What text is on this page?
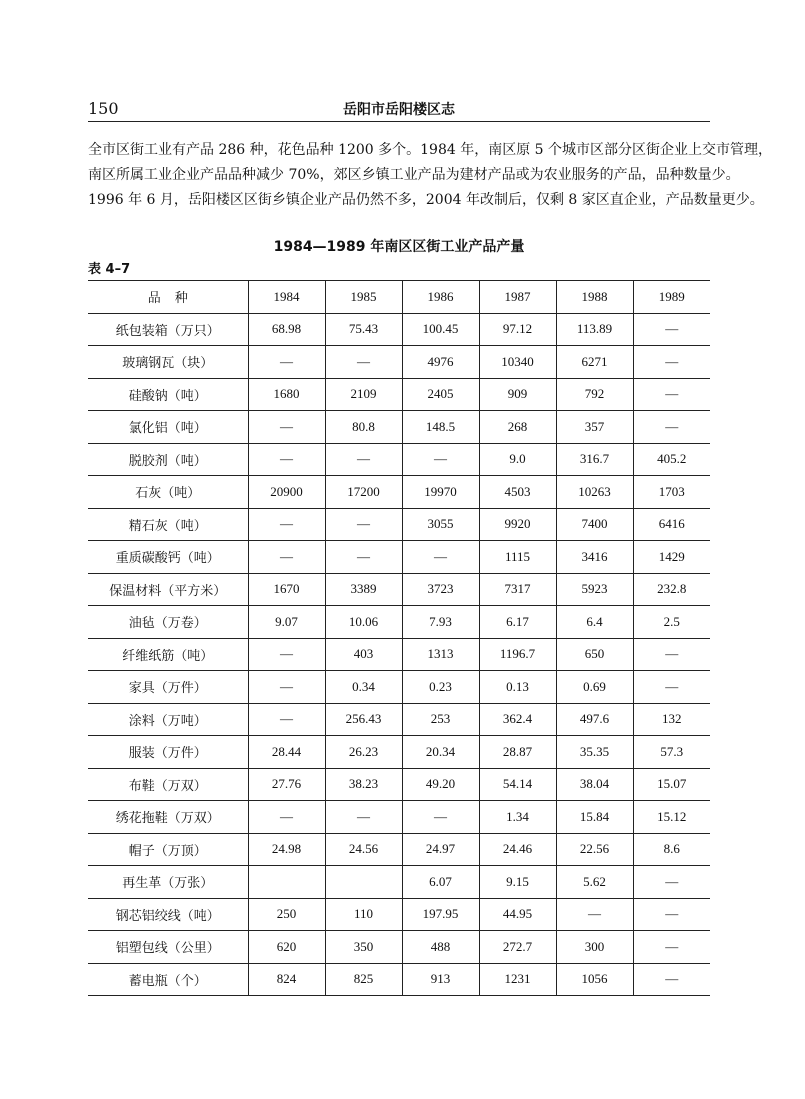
150	岳阳市岳阳楼区志
全市区街工业有产品 286 种，花色品种 1200 多个。1984 年，南区原 5 个城市区部分区街企业上交市管理，
南区所属工业企业产品品种减少 70%，郊区乡镇工业产品为建材产品或为农业服务的产品，品种数量少。
1996 年 6 月，岳阳楼区区街乡镇企业产品仍然不多，2004 年改制后，仅剩 8 家区直企业，产品数量更少。
1984—1989 年南区区街工业产品产量
表 4–7
品种	1984	1985	1986	1987	1988	1989
纸包装箱（万只）	68.98	75.43	100.45	97.12	113.89	—
玻璃钢瓦（块）	—	—	4976	10340	6271	—
硅酸钠（吨）	1680	2109	2405	909	792	—
氯化铝（吨）	—	80.8	148.5	268	357	—
脱胶剂（吨）	—	—	—	9.0	316.7	405.2
石灰（吨）	20900	17200	19970	4503	10263	1703
精石灰（吨）	—	—	3055	9920	7400	6416
重质碳酸钙（吨）	—	—	—	1115	3416	1429
保温材料（平方米）	1670	3389	3723	7317	5923	232.8
油毡（万卷）	9.07	10.06	7.93	6.17	6.4	2.5
纤维纸筋（吨）	—	403	1313	1196.7	650	—
家具（万件）	—	0.34	0.23	0.13	0.69	—
涂料（万吨）	—	256.43	253	362.4	497.6	132
服装（万件）	28.44	26.23	20.34	28.87	35.35	57.3
布鞋（万双）	27.76	38.23	49.20	54.14	38.04	15.07
绣花拖鞋（万双）	—	—	—	1.34	15.84	15.12
帽子（万顶）	24.98	24.56	24.97	24.46	22.56	8.6
再生革（万张）			6.07	9.15	5.62	—
钢芯铝绞线（吨）	250	110	197.95	44.95	—	—
铝塑包线（公里）	620	350	488	272.7	300	—
蓄电瓶（个）	824	825	913	1231	1056	—
